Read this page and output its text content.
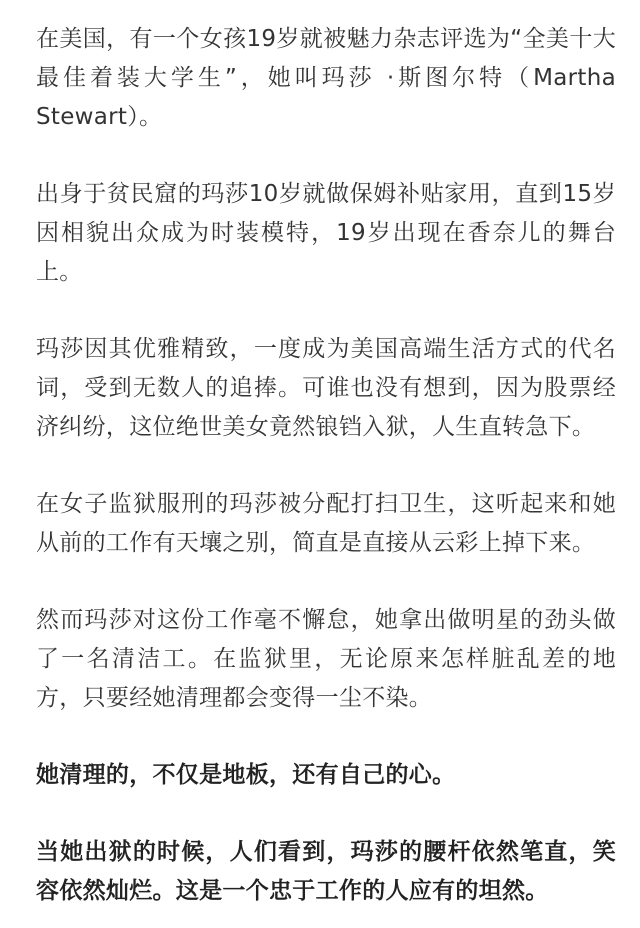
在美国，有一个女孩19岁就被魅力杂志评选为“全美十大
最佳着装大学生”，她叫玛莎 ·斯图尔特（Martha
Stewart）。
出身于贫民窟的玛莎10岁就做保姆补贴家用，直到15岁
因相貌出众成为时装模特，19岁出现在香奈儿的舞台
上。
玛莎因其优雅精致，一度成为美国高端生活方式的代名
词，受到无数人的追捧。可谁也没有想到，因为股票经
济纠纷，这位绝世美女竟然锒铛入狱，人生直转急下。
在女子监狱服刑的玛莎被分配打扫卫生，这听起来和她
从前的工作有天壤之别，简直是直接从云彩上掉下来。
然而玛莎对这份工作毫不懈怠，她拿出做明星的劲头做
了一名清洁工。在监狱里，无论原来怎样脏乱差的地
方，只要经她清理都会变得一尘不染。
她清理的，不仅是地板，还有自己的心。
当她出狱的时候，人们看到，玛莎的腰杆依然笔直，笑
容依然灿烂。这是一个忠于工作的人应有的坦然。
